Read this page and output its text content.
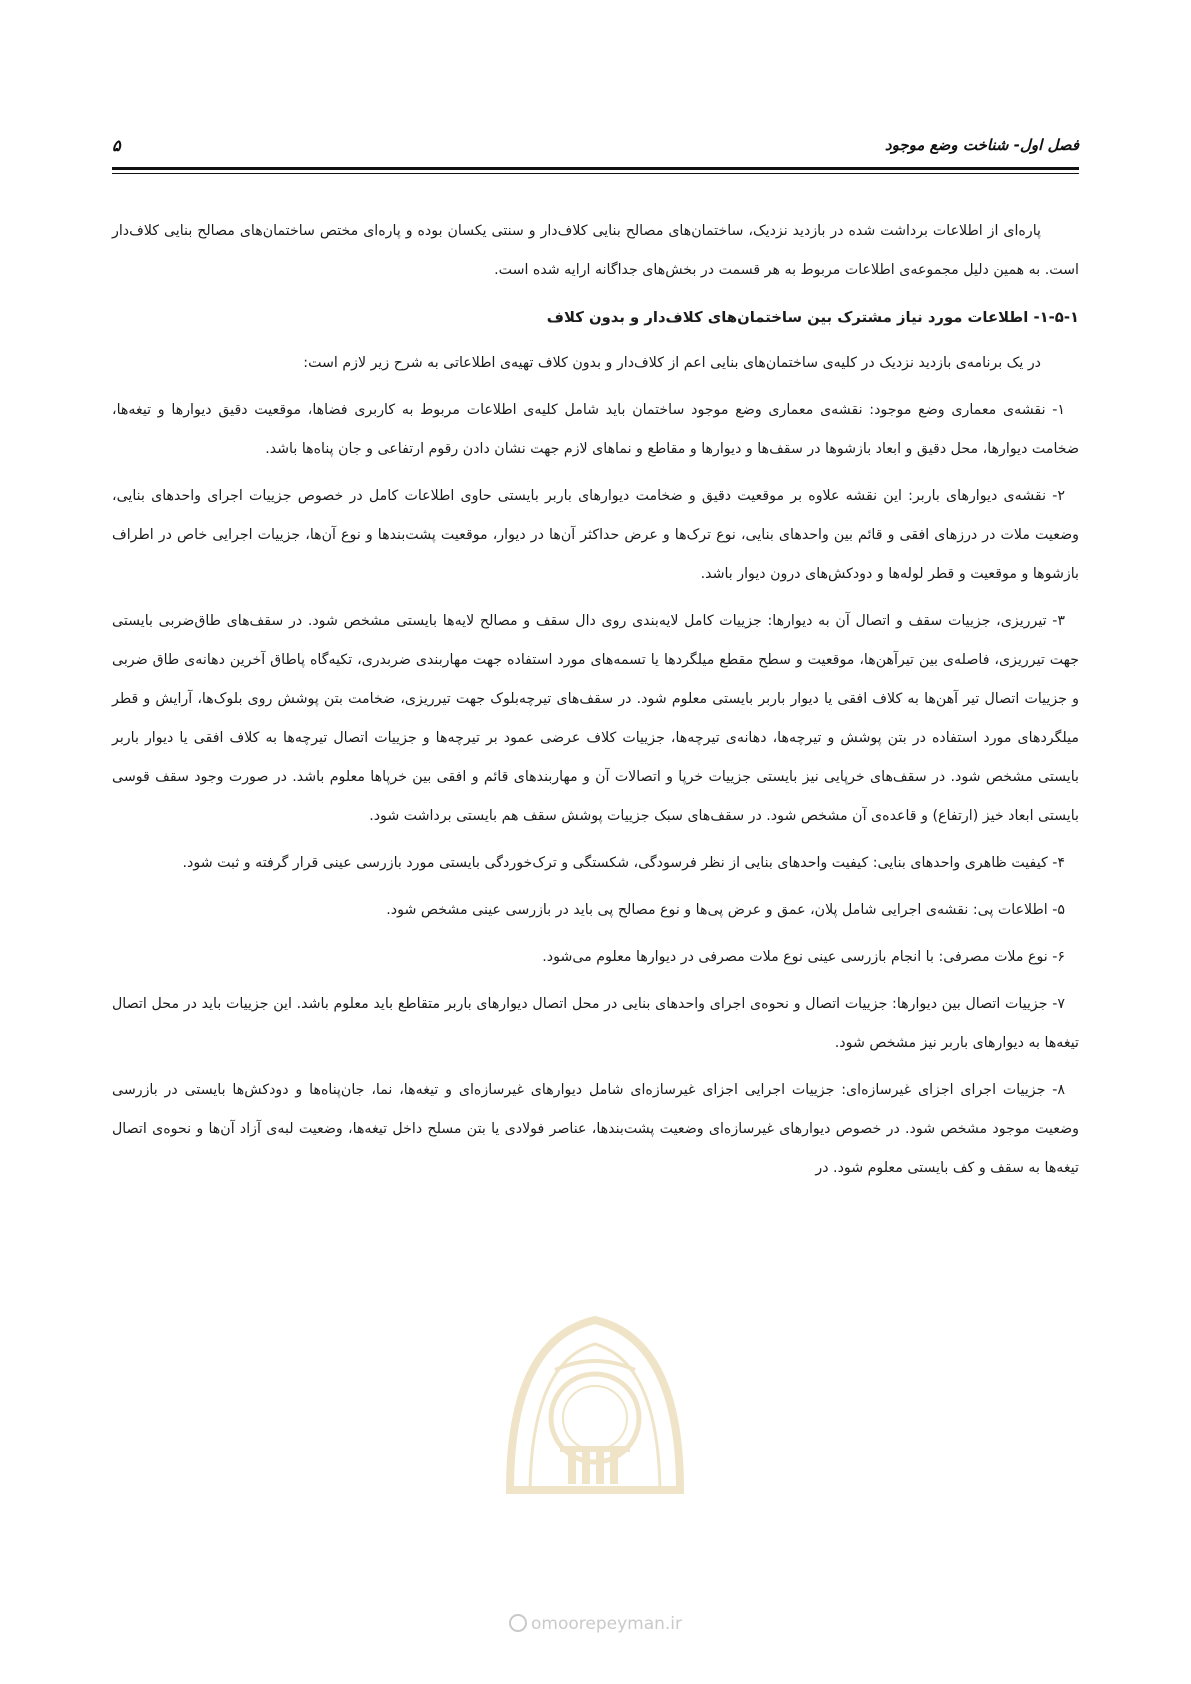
فصل اول- شناخت وضع موجود
۵

پاره‌ای از اطلاعات برداشت شده در بازدید نزدیک، ساختمان‌های مصالح بنایی کلاف‌دار و سنتی یکسان بوده و پاره‌ای مختص ساختمان‌های مصالح بنایی کلاف‌دار است. به همین دلیل مجموعه‌ی اطلاعات مربوط به هر قسمت در بخش‌های جداگانه ارایه شده است.

۱-۵-۱- اطلاعات مورد نیاز مشترک بین ساختمان‌های کلاف‌دار و بدون کلاف

در یک برنامه‌ی بازدید نزدیک در کلیه‌ی ساختمان‌های بنایی اعم از کلاف‌دار و بدون کلاف تهیه‌ی اطلاعاتی به شرح زیر لازم است:

۱- نقشه‌ی معماری وضع موجود: نقشه‌ی معماری وضع موجود ساختمان باید شامل کلیه‌ی اطلاعات مربوط به کاربری فضاها، موقعیت دقیق دیوارها و تیغه‌ها، ضخامت دیوارها، محل دقیق و ابعاد بازشوها در سقف‌ها و دیوارها و مقاطع و نماهای لازم جهت نشان دادن رقوم ارتفاعی و جان پناه‌ها باشد.

۲- نقشه‌ی دیوارهای باربر: این نقشه علاوه بر موقعیت دقیق و ضخامت دیوارهای باربر بایستی حاوی اطلاعات کامل در خصوص جزییات اجرای واحدهای بنایی، وضعیت ملات در درزهای افقی و قائم بین واحدهای بنایی، نوع ترک‌ها و عرض حداکثر آن‌ها در دیوار، موقعیت پشت‌بندها و نوع آن‌ها، جزییات اجرایی خاص در اطراف بازشوها و موقعیت و قطر لوله‌ها و دودکش‌های درون دیوار باشد.

۳- تیرریزی، جزییات سقف و اتصال آن به دیوارها: جزییات کامل لایه‌بندی روی دال سقف و مصالح لایه‌ها بایستی مشخص شود. در سقف‌های طاق‌ضربی بایستی جهت تیرریزی، فاصله‌ی بین تیرآهن‌ها، موقعیت و سطح مقطع میلگردها یا تسمه‌های مورد استفاده جهت مهاربندی ضربدری، تکیه‌گاه پاطاق آخرین دهانه‌ی طاق ضربی و جزییات اتصال تیر آهن‌ها به کلاف افقی یا دیوار باربر بایستی معلوم شود. در سقف‌های تیرچه‌بلوک جهت تیرریزی، ضخامت بتن پوشش روی بلوک‌ها، آرایش و قطر میلگردهای مورد استفاده در بتن پوشش و تیرچه‌ها، دهانه‌ی تیرچه‌ها، جزییات کلاف عرضی عمود بر تیرچه‌ها و جزییات اتصال تیرچه‌ها به کلاف افقی یا دیوار باربر بایستی مشخص شود. در سقف‌های خرپایی نیز بایستی جزییات خرپا و اتصالات آن و مهاربندهای قائم و افقی بین خرپاها معلوم باشد. در صورت وجود سقف قوسی بایستی ابعاد خیز (ارتفاع) و قاعده‌ی آن مشخص شود. در سقف‌های سبک جزییات پوشش سقف هم بایستی برداشت شود.

۴- کیفیت ظاهری واحدهای بنایی: کیفیت واحدهای بنایی از نظر فرسودگی، شکستگی و ترک‌خوردگی بایستی مورد بازرسی عینی قرار گرفته و ثبت شود.

۵- اطلاعات پی: نقشه‌ی اجرایی شامل پلان، عمق و عرض پی‌ها و نوع مصالح پی باید در بازرسی عینی مشخص شود.

۶- نوع ملات مصرفی: با انجام بازرسی عینی نوع ملات مصرفی در دیوارها معلوم می‌شود.

۷- جزییات اتصال بین دیوارها: جزییات اتصال و نحوه‌ی اجرای واحدهای بنایی در محل اتصال دیوارهای باربر متقاطع باید معلوم باشد. این جزییات باید در محل اتصال تیغه‌ها به دیوارهای باربر نیز مشخص شود.

۸- جزییات اجرای اجزای غیرسازه‌ای: جزییات اجرایی اجزای غیرسازه‌ای شامل دیوارهای غیرسازه‌ای و تیغه‌ها، نما، جان‌پناه‌ها و دودکش‌ها بایستی در بازرسی وضعیت موجود مشخص شود. در خصوص دیوارهای غیرسازه‌ای وضعیت پشت‌بندها، عناصر فولادی یا بتن مسلح داخل تیغه‌ها، وضعیت لبه‌ی آزاد آن‌ها و نحوه‌ی اتصال تیغه‌ها به سقف و کف بایستی معلوم شود. در

omoorepeyman.ir
